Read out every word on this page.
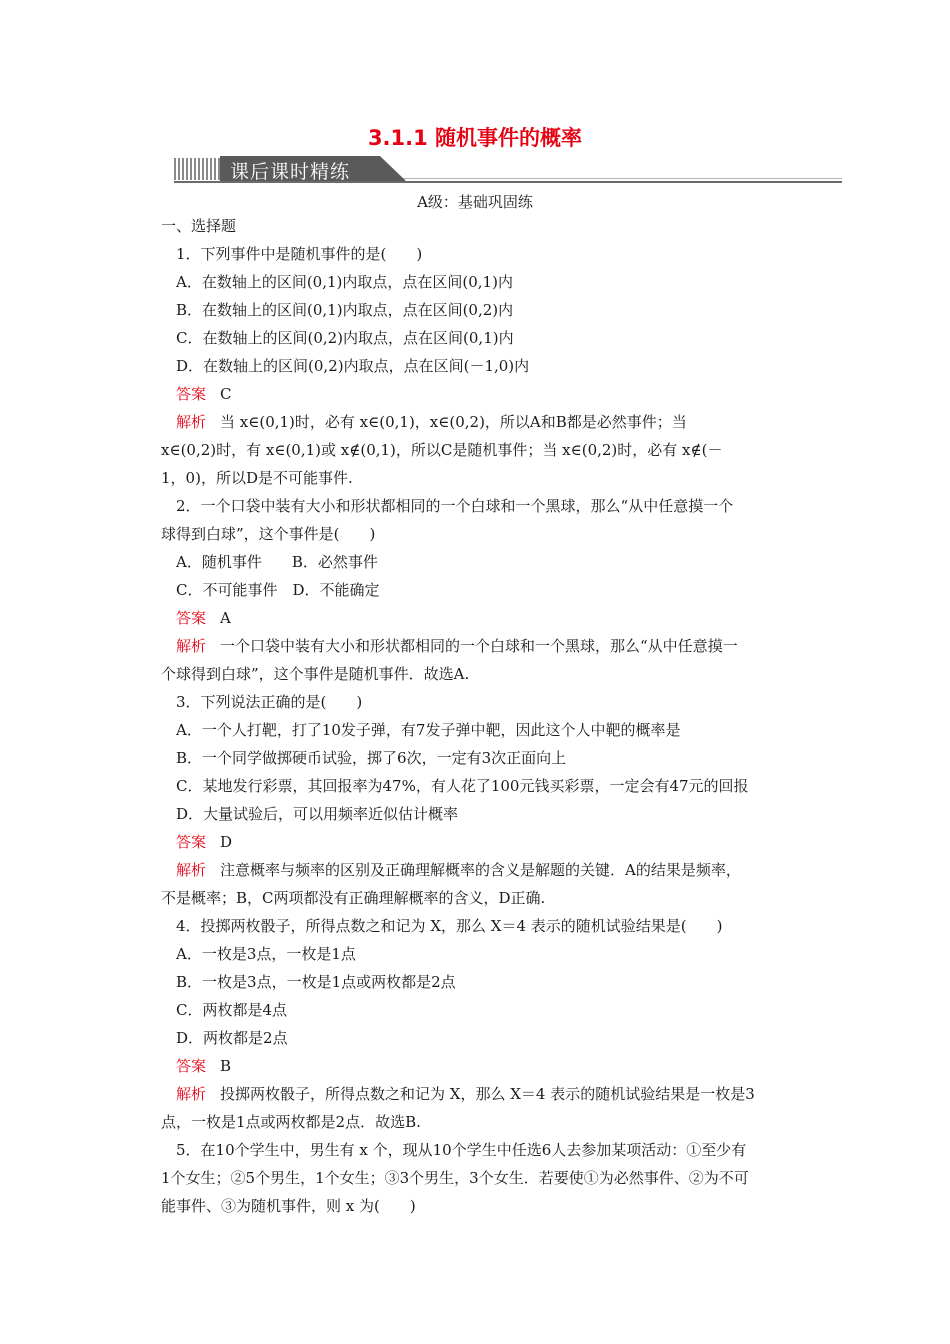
3.1.1 随机事件的概率
课后课时精练
A级：基础巩固练
一、选择题
1．下列事件中是随机事件的是(　　)
A．在数轴上的区间(0,1)内取点，点在区间(0,1)内
B．在数轴上的区间(0,1)内取点，点在区间(0,2)内
C．在数轴上的区间(0,2)内取点，点在区间(0,1)内
D．在数轴上的区间(0,2)内取点，点在区间(－1,0)内
答案 C
解析 当 x∈(0,1)时，必有 x∈(0,1)，x∈(0,2)，所以A和B都是必然事件；当
x∈(0,2)时，有 x∈(0,1)或 x∉(0,1)，所以C是随机事件；当 x∈(0,2)时，必有 x∉(－
1，0)，所以D是不可能事件.
2．一个口袋中装有大小和形状都相同的一个白球和一个黑球，那么“从中任意摸一个
球得到白球”，这个事件是(　　)
A．随机事件　　B．必然事件
C．不可能事件　D．不能确定
答案 A
解析 一个口袋中装有大小和形状都相同的一个白球和一个黑球，那么“从中任意摸一
个球得到白球”，这个事件是随机事件．故选A.
3．下列说法正确的是(　　)
A．一个人打靶，打了10发子弹，有7发子弹中靶，因此这个人中靶的概率是
B．一个同学做掷硬币试验，掷了6次，一定有3次正面向上
C．某地发行彩票，其回报率为47%，有人花了100元钱买彩票，一定会有47元的回报
D．大量试验后，可以用频率近似估计概率
答案 D
解析 注意概率与频率的区别及正确理解概率的含义是解题的关键．A的结果是频率，
不是概率；B，C两项都没有正确理解概率的含义，D正确.
4．投掷两枚骰子，所得点数之和记为 X，那么 X＝4 表示的随机试验结果是(　　)
A．一枚是3点，一枚是1点
B．一枚是3点，一枚是1点或两枚都是2点
C．两枚都是4点
D．两枚都是2点
答案 B
解析 投掷两枚骰子，所得点数之和记为 X，那么 X＝4 表示的随机试验结果是一枚是3
点，一枚是1点或两枚都是2点．故选B.
5．在10个学生中，男生有 x 个，现从10个学生中任选6人去参加某项活动：①至少有
1个女生；②5个男生，1个女生；③3个男生，3个女生．若要使①为必然事件、②为不可
能事件、③为随机事件，则 x 为(　　)
